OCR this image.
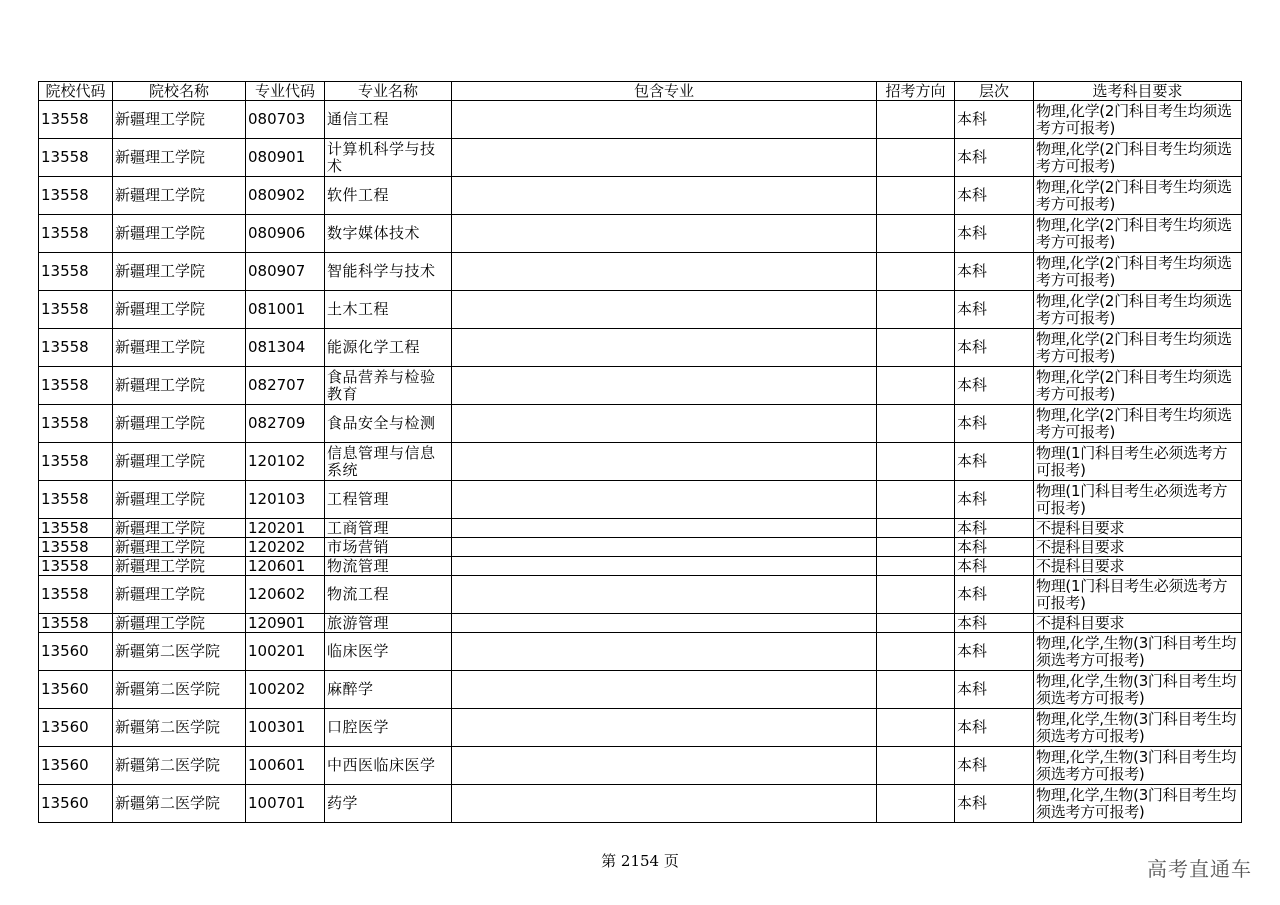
院校代码	院校名称	专业代码	专业名称	包含专业	招考方向	层次	选考科目要求
13558	新疆理工学院	080703	通信工程			本科	物理,化学(2门科目考生均须选考方可报考)
13558	新疆理工学院	080901	计算机科学与技术			本科	物理,化学(2门科目考生均须选考方可报考)
13558	新疆理工学院	080902	软件工程			本科	物理,化学(2门科目考生均须选考方可报考)
13558	新疆理工学院	080906	数字媒体技术			本科	物理,化学(2门科目考生均须选考方可报考)
13558	新疆理工学院	080907	智能科学与技术			本科	物理,化学(2门科目考生均须选考方可报考)
13558	新疆理工学院	081001	土木工程			本科	物理,化学(2门科目考生均须选考方可报考)
13558	新疆理工学院	081304	能源化学工程			本科	物理,化学(2门科目考生均须选考方可报考)
13558	新疆理工学院	082707	食品营养与检验教育			本科	物理,化学(2门科目考生均须选考方可报考)
13558	新疆理工学院	082709	食品安全与检测			本科	物理,化学(2门科目考生均须选考方可报考)
13558	新疆理工学院	120102	信息管理与信息系统			本科	物理(1门科目考生必须选考方可报考)
13558	新疆理工学院	120103	工程管理			本科	物理(1门科目考生必须选考方可报考)
13558	新疆理工学院	120201	工商管理			本科	不提科目要求
13558	新疆理工学院	120202	市场营销			本科	不提科目要求
13558	新疆理工学院	120601	物流管理			本科	不提科目要求
13558	新疆理工学院	120602	物流工程			本科	物理(1门科目考生必须选考方可报考)
13558	新疆理工学院	120901	旅游管理			本科	不提科目要求
13560	新疆第二医学院	100201	临床医学			本科	物理,化学,生物(3门科目考生均须选考方可报考)
13560	新疆第二医学院	100202	麻醉学			本科	物理,化学,生物(3门科目考生均须选考方可报考)
13560	新疆第二医学院	100301	口腔医学			本科	物理,化学,生物(3门科目考生均须选考方可报考)
13560	新疆第二医学院	100601	中西医临床医学			本科	物理,化学,生物(3门科目考生均须选考方可报考)
13560	新疆第二医学院	100701	药学			本科	物理,化学,生物(3门科目考生均须选考方可报考)
第 2154 页	高考直通车
